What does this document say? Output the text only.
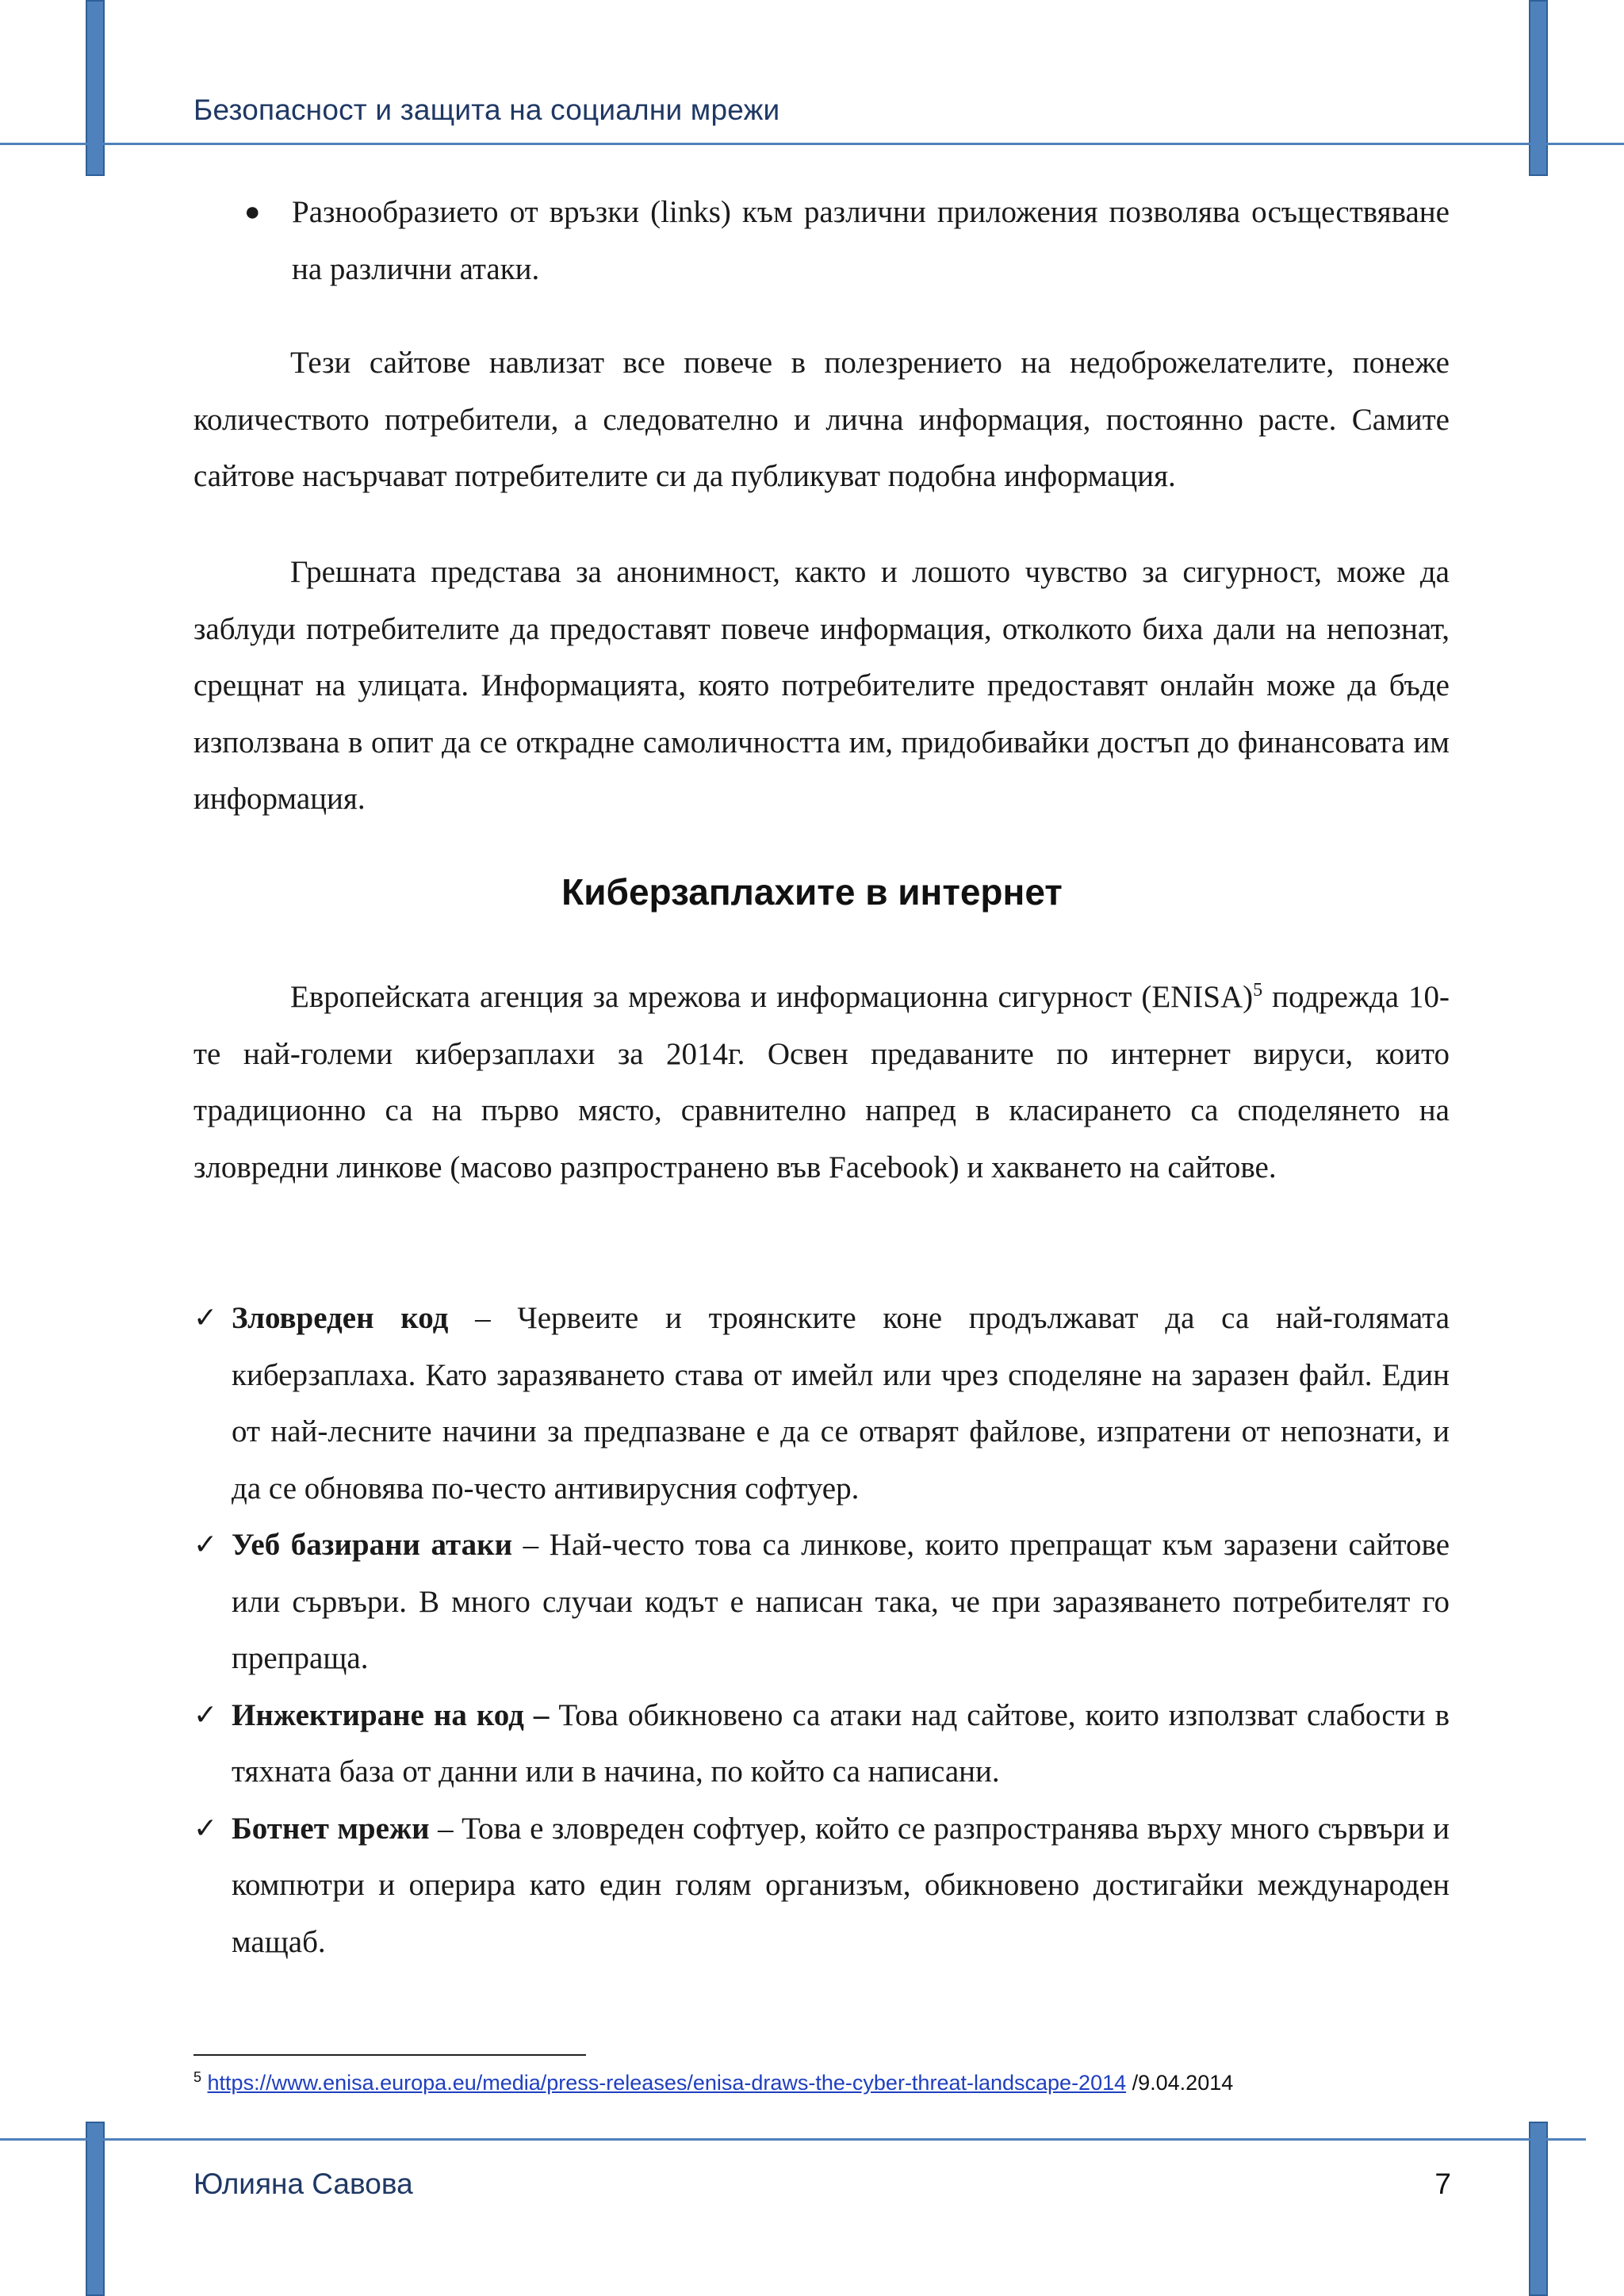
Безопасност и защита на социални мрежи
● Разнообразието от връзки (links) към различни приложения позволява осъществяване на различни атаки.

Тези сайтове навлизат все повече в полезрението на недоброжелателите, понеже количеството потребители, а следователно и лична информация, постоянно расте. Самите сайтове насърчават потребителите си да публикуват подобна информация.

Грешната представа за анонимност, както и лошото чувство за сигурност, може да заблуди потребителите да предоставят повече информация, отколкото биха дали на непознат, срещнат на улицата. Информацията, която потребителите предоставят онлайн може да бъде използвана в опит да се открадне самоличността им, придобивайки достъп до финансовата им информация.

Киберзаплахите в интернет

Европейската агенция за мрежова и информационна сигурност (ENISA)$^5$ подрежда 10-те най-големи киберзаплахи за 2014г. Освен предаваните по интернет вируси, които традиционно са на първо място, сравнително напред в класирането са споделянето на зловредни линкове (масово разпространено във Facebook) и хакването на сайтове.

✓ Зловреден код – Червеите и троянските коне продължават да са най-голямата киберзаплаха. Като заразяването става от имейл или чрез споделяне на заразен файл. Един от най-лесните начини за предпазване е да се отварят файлове, изпратени от непознати, и да се обновява по-често антивирусния софтуер.
✓ Уеб базирани атаки – Най-често това са линкове, които препращат към заразени сайтове или сървъри. В много случаи кодът е написан така, че при заразяването потребителят го препраща.
✓ Инжектиране на код – Това обикновено са атаки над сайтове, които използват слабости в тяхната база от данни или в начина, по който са написани.
✓ Ботнет мрежи – Това е зловреден софтуер, който се разпространява върху много сървъри и компютри и оперира като един голям организъм, обикновено достигайки международен мащаб.
$^5$ https://www.enisa.europa.eu/media/press-releases/enisa-draws-the-cyber-threat-landscape-2014 /9.04.2014
Юлияна Савова	7
